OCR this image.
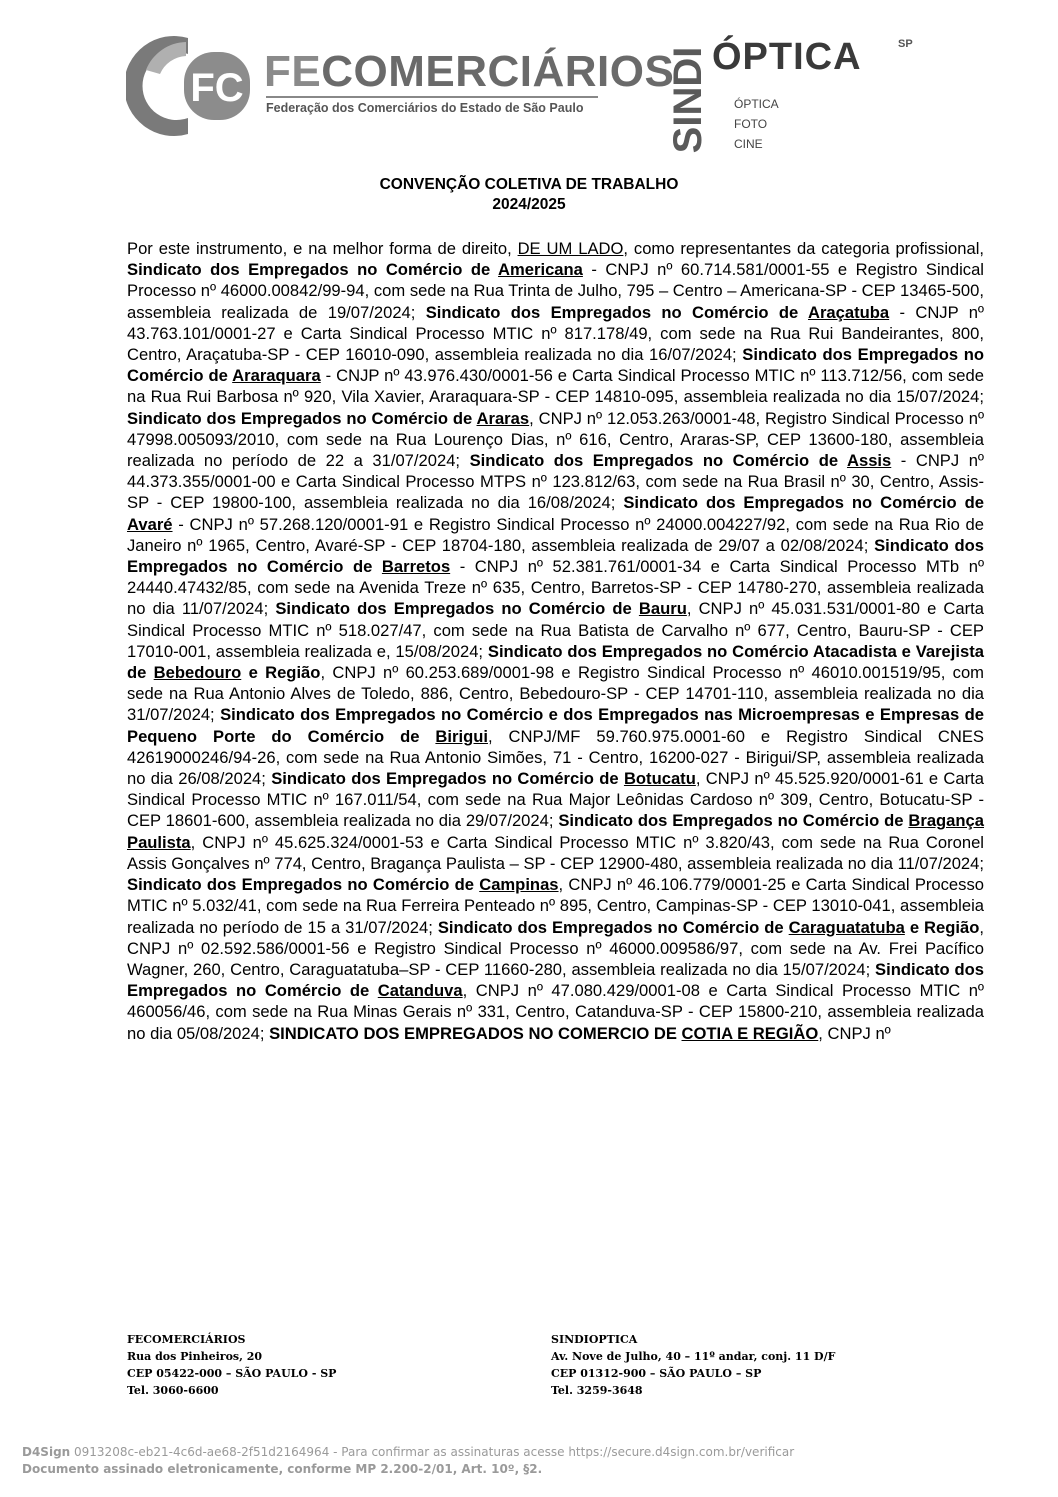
FC FECOMERCIÁRIOS
Federação dos Comerciários do Estado de São Paulo	SINDI ÓPTICA	SP
ÓPTICA
FOTO
CINE
CONVENÇÃO COLETIVA DE TRABALHO
2024/2025

Por este instrumento, e na melhor forma de direito, DE UM LADO, como representantes da categoria profissional, Sindicato dos Empregados no Comércio de Americana - CNPJ nº 60.714.581/0001-55 e Registro Sindical Processo nº 46000.00842/99-94, com sede na Rua Trinta de Julho, 795 – Centro – Americana-SP - CEP 13465-500, assembleia realizada de 19/07/2024; Sindicato dos Empregados no Comércio de Araçatuba - CNJP nº 43.763.101/0001-27 e Carta Sindical Processo MTIC nº 817.178/49, com sede na Rua Rui Bandeirantes, 800, Centro, Araçatuba-SP - CEP 16010-090, assembleia realizada no dia 16/07/2024; Sindicato dos Empregados no Comércio de Araraquara - CNJP nº 43.976.430/0001-56 e Carta Sindical Processo MTIC nº 113.712/56, com sede na Rua Rui Barbosa nº 920, Vila Xavier, Araraquara-SP - CEP 14810-095, assembleia realizada no dia 15/07/2024; Sindicato dos Empregados no Comércio de Araras, CNPJ nº 12.053.263/0001-48, Registro Sindical Processo nº 47998.005093/2010, com sede na Rua Lourenço Dias, nº 616, Centro, Araras-SP, CEP 13600-180, assembleia realizada no período de 22 a 31/07/2024; Sindicato dos Empregados no Comércio de Assis - CNPJ nº 44.373.355/0001-00 e Carta Sindical Processo MTPS nº 123.812/63, com sede na Rua Brasil nº 30, Centro, Assis-SP - CEP 19800-100, assembleia realizada no dia 16/08/2024; Sindicato dos Empregados no Comércio de Avaré - CNPJ nº 57.268.120/0001-91 e Registro Sindical Processo nº 24000.004227/92, com sede na Rua Rio de Janeiro nº 1965, Centro, Avaré-SP - CEP 18704-180, assembleia realizada de 29/07 a 02/08/2024; Sindicato dos Empregados no Comércio de Barretos - CNPJ nº 52.381.761/0001-34 e Carta Sindical Processo MTb nº 24440.47432/85, com sede na Avenida Treze nº 635, Centro, Barretos-SP - CEP 14780-270, assembleia realizada no dia 11/07/2024; Sindicato dos Empregados no Comércio de Bauru, CNPJ nº 45.031.531/0001-80 e Carta Sindical Processo MTIC nº 518.027/47, com sede na Rua Batista de Carvalho nº 677, Centro, Bauru-SP - CEP 17010-001, assembleia realizada e, 15/08/2024; Sindicato dos Empregados no Comércio Atacadista e Varejista de Bebedouro e Região, CNPJ nº 60.253.689/0001-98 e Registro Sindical Processo nº 46010.001519/95, com sede na Rua Antonio Alves de Toledo, 886, Centro, Bebedouro-SP - CEP 14701-110, assembleia realizada no dia 31/07/2024; Sindicato dos Empregados no Comércio e dos Empregados nas Microempresas e Empresas de Pequeno Porte do Comércio de Birigui, CNPJ/MF 59.760.975.0001-60 e Registro Sindical CNES 42619000246/94-26, com sede na Rua Antonio Simões, 71 - Centro, 16200-027 - Birigui/SP, assembleia realizada no dia 26/08/2024; Sindicato dos Empregados no Comércio de Botucatu, CNPJ nº 45.525.920/0001-61 e Carta Sindical Processo MTIC nº 167.011/54, com sede na Rua Major Leônidas Cardoso nº 309, Centro, Botucatu-SP - CEP 18601-600, assembleia realizada no dia 29/07/2024; Sindicato dos Empregados no Comércio de Bragança Paulista, CNPJ nº 45.625.324/0001-53 e Carta Sindical Processo MTIC nº 3.820/43, com sede na Rua Coronel Assis Gonçalves nº 774, Centro, Bragança Paulista – SP - CEP 12900-480, assembleia realizada no dia 11/07/2024; Sindicato dos Empregados no Comércio de Campinas, CNPJ nº 46.106.779/0001-25 e Carta Sindical Processo MTIC nº 5.032/41, com sede na Rua Ferreira Penteado nº 895, Centro, Campinas-SP - CEP 13010-041, assembleia realizada no período de 15 a 31/07/2024; Sindicato dos Empregados no Comércio de Caraguatatuba e Região, CNPJ nº 02.592.586/0001-56 e Registro Sindical Processo nº 46000.009586/97, com sede na Av. Frei Pacífico Wagner, 260, Centro, Caraguatatuba–SP - CEP 11660-280, assembleia realizada no dia 15/07/2024; Sindicato dos Empregados no Comércio de Catanduva, CNPJ nº 47.080.429/0001-08 e Carta Sindical Processo MTIC nº 460056/46, com sede na Rua Minas Gerais nº 331, Centro, Catanduva-SP - CEP 15800-210, assembleia realizada no dia 05/08/2024; SINDICATO DOS EMPREGADOS NO COMERCIO DE COTIA E REGIÃO, CNPJ nº

FECOMERCIÁRIOS
Rua dos Pinheiros, 20
CEP 05422-000 – SÃO PAULO - SP
Tel. 3060-6600
SINDIOPTICA
Av. Nove de Julho, 40 – 11º andar, conj. 11 D/F
CEP 01312-900 – SÃO PAULO – SP
Tel. 3259-3648
D4Sign 0913208c-eb21-4c6d-ae68-2f51d2164964 - Para confirmar as assinaturas acesse https://secure.d4sign.com.br/verificar
Documento assinado eletronicamente, conforme MP 2.200-2/01, Art. 10º, §2.
